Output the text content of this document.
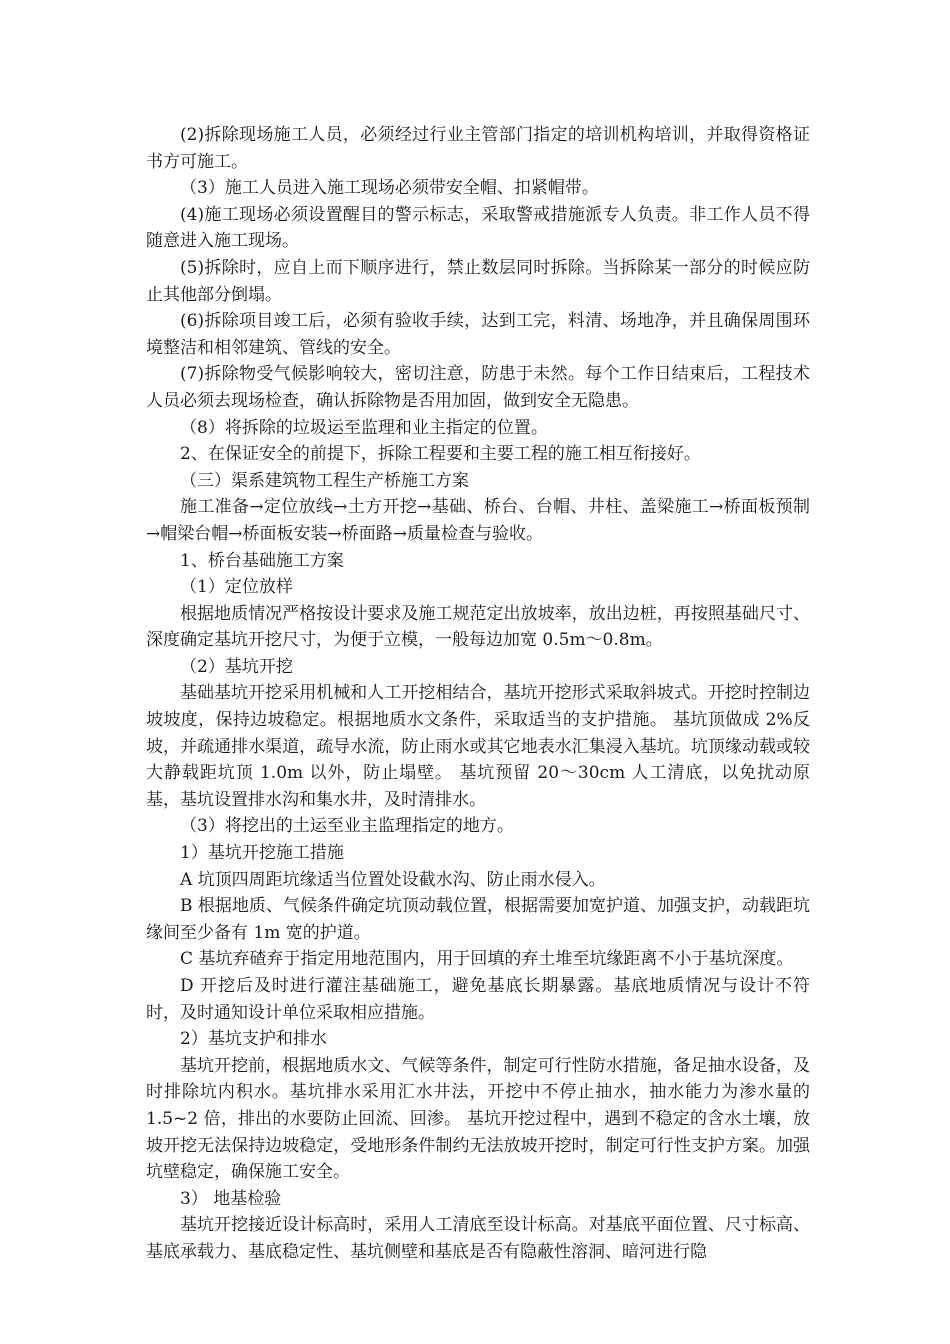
(2)拆除现场施工人员，必须经过行业主管部门指定的培训机构培训，并取得资格证书方可施工。

（3）施工人员进入施工现场必须带安全帽、扣紧帽带。

(4)施工现场必须设置醒目的警示标志，采取警戒措施派专人负责。非工作人员不得随意进入施工现场。

(5)拆除时，应自上而下顺序进行，禁止数层同时拆除。当拆除某一部分的时候应防止其他部分倒塌。

(6)拆除项目竣工后，必须有验收手续，达到工完，料清、场地净，并且确保周围环境整洁和相邻建筑、管线的安全。

(7)拆除物受气候影响较大，密切注意，防患于未然。每个工作日结束后，工程技术人员必须去现场检查，确认拆除物是否用加固，做到安全无隐患。

（8）将拆除的垃圾运至监理和业主指定的位置。

2、在保证安全的前提下，拆除工程要和主要工程的施工相互衔接好。

（三）渠系建筑物工程生产桥施工方案

施工准备→定位放线→土方开挖→基础、桥台、台帽、井柱、盖梁施工→桥面板预制→帽梁台帽→桥面板安装→桥面路→质量检查与验收。

1、桥台基础施工方案

（1）定位放样

根据地质情况严格按设计要求及施工规范定出放坡率，放出边桩，再按照基础尺寸、深度确定基坑开挖尺寸，为便于立模，一般每边加宽 0.5m～0.8m。

（2）基坑开挖

基础基坑开挖采用机械和人工开挖相结合，基坑开挖形式采取斜坡式。开挖时控制边坡坡度，保持边坡稳定。根据地质水文条件，采取适当的支护措施。 基坑顶做成 2%反坡，并疏通排水渠道，疏导水流，防止雨水或其它地表水汇集浸入基坑。坑顶缘动载或较大静载距坑顶 1.0m 以外，防止塌壁。 基坑预留 20～30cm 人工清底，以免扰动原基，基坑设置排水沟和集水井，及时清排水。

（3）将挖出的土运至业主监理指定的地方。

1）基坑开挖施工措施

A 坑顶四周距坑缘适当位置处设截水沟、防止雨水侵入。

B 根据地质、气候条件确定坑顶动载位置，根据需要加宽护道、加强支护，动载距坑缘间至少备有 1m 宽的护道。

C 基坑弃碴弃于指定用地范围内，用于回填的弃土堆至坑缘距离不小于基坑深度。

D 开挖后及时进行灌注基础施工，避免基底长期暴露。基底地质情况与设计不符时，及时通知设计单位采取相应措施。

2）基坑支护和排水

基坑开挖前，根据地质水文、气候等条件，制定可行性防水措施，备足抽水设备，及时排除坑内积水。基坑排水采用汇水井法，开挖中不停止抽水，抽水能力为渗水量的 1.5~2 倍，排出的水要防止回流、回渗。 基坑开挖过程中，遇到不稳定的含水土壤，放坡开挖无法保持边坡稳定，受地形条件制约无法放坡开挖时，制定可行性支护方案。加强坑壁稳定，确保施工安全。

3） 地基检验

基坑开挖接近设计标高时，采用人工清底至设计标高。对基底平面位置、尺寸标高、基底承载力、基底稳定性、基坑侧壁和基底是否有隐蔽性溶洞、暗河进行隐
